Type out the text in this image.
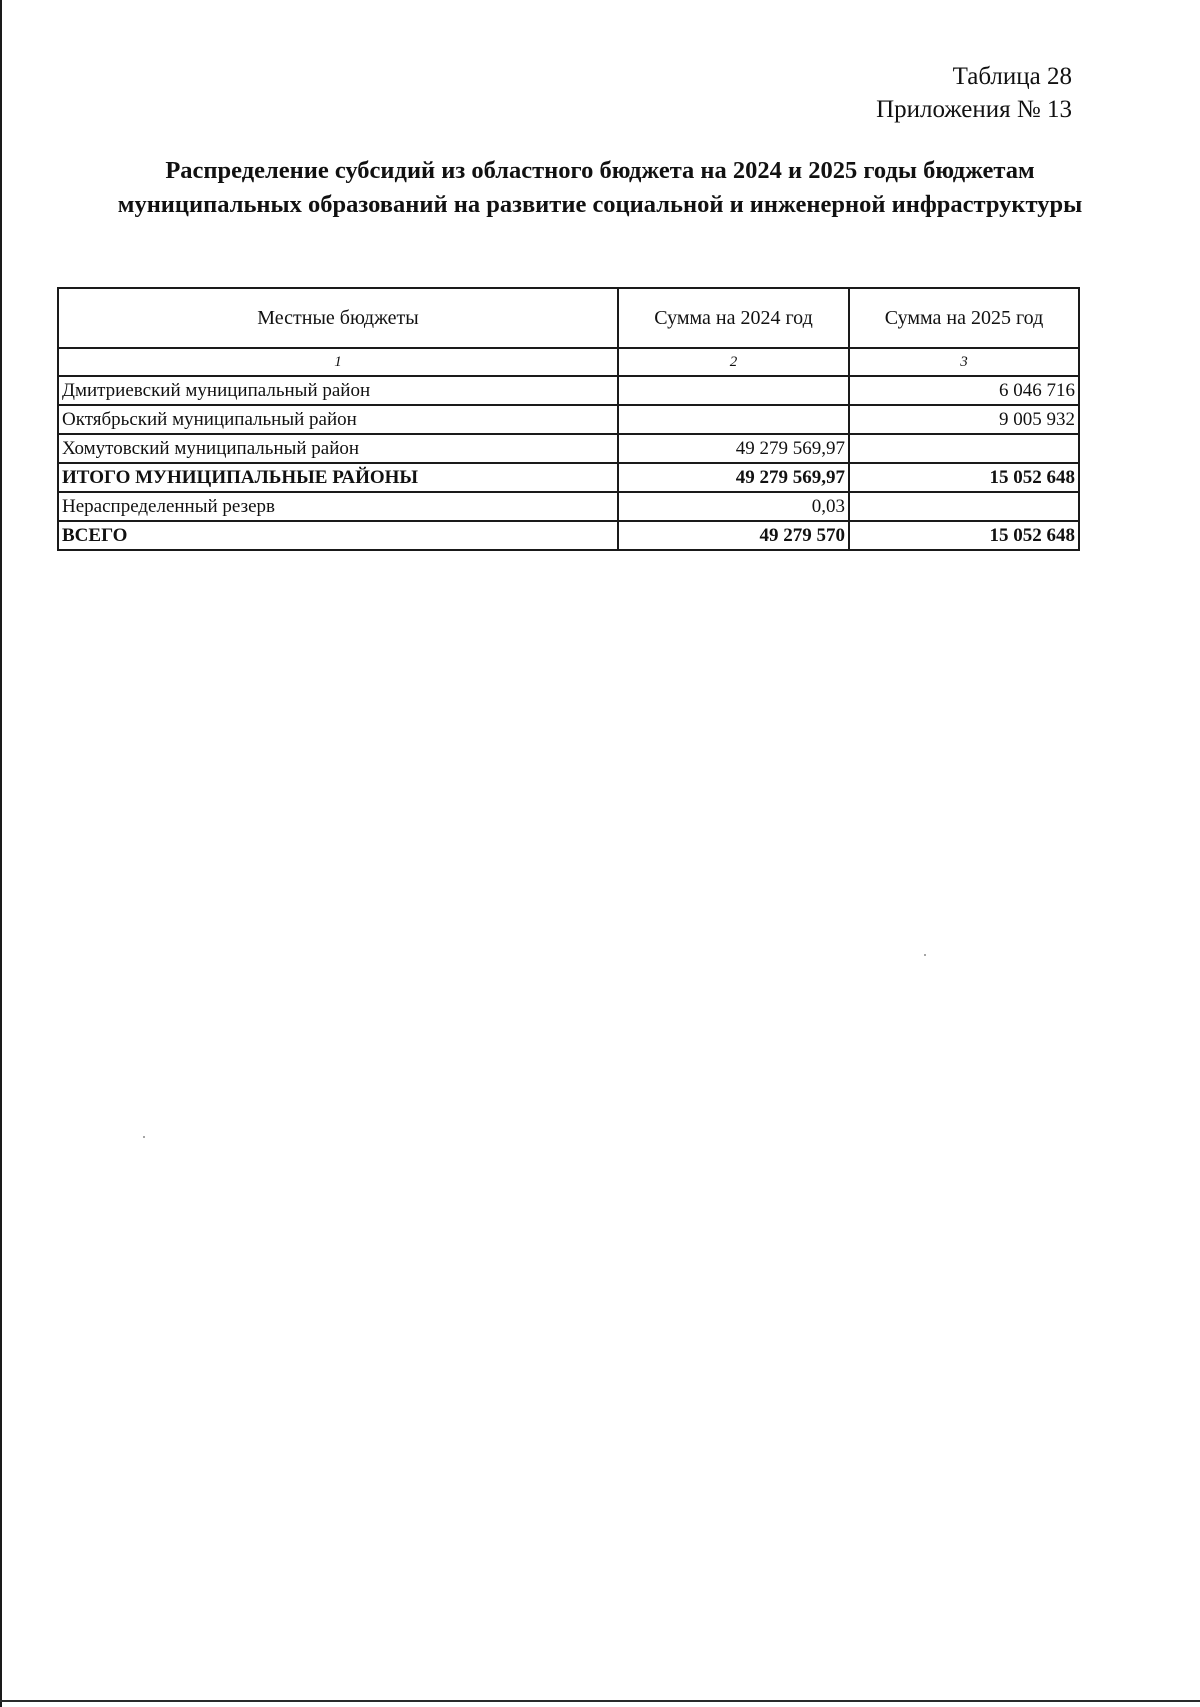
Таблица 28
Приложения № 13
Распределение субсидий из областного бюджета на 2024 и 2025 годы бюджетам
муниципальных образований на развитие социальной и инженерной инфраструктуры
Местные бюджеты	Сумма на 2024 год	Сумма на 2025 год
1	2	3
Дмитриевский муниципальный район		6 046 716
Октябрьский муниципальный район		9 005 932
Хомутовский муниципальный район	49 279 569,97	
ИТОГО МУНИЦИПАЛЬНЫЕ РАЙОНЫ	49 279 569,97	15 052 648
Нераспределенный резерв	0,03	
ВСЕГО	49 279 570	15 052 648
